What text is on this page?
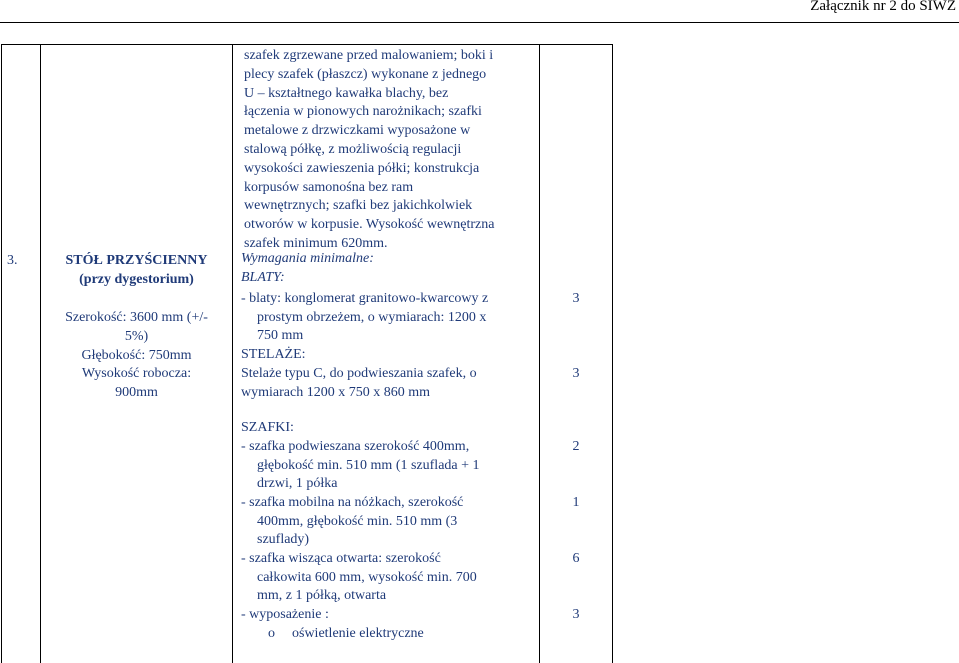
Załącznik nr 2 do SIWZ
3.	STÓŁ PRZYŚCIENNY
(przy dygestorium)
Szerokość: 3600 mm (+/-
5%)
Głębokość: 750mm
Wysokość robocza:
900mm
szafek zgrzewane przed malowaniem; boki i
plecy szafek (płaszcz) wykonane z jednego
U – kształtnego kawałka blachy, bez
łączenia w pionowych narożnikach; szafki
metalowe z drzwiczkami wyposażone w
stalową półkę, z możliwością regulacji
wysokości zawieszenia półki; konstrukcja
korpusów samonośna bez ram
wewnętrznych; szafki bez jakichkolwiek
otworów w korpusie. Wysokość wewnętrzna
szafek minimum 620mm.
Wymagania minimalne:
BLATY:
- blaty: konglomerat granitowo-kwarcowy z
prostym obrzeżem, o wymiarach: 1200 x
750 mm
STELAŻE:
Stelaże typu C, do podwieszania szafek, o
wymiarach 1200 x 750 x 860 mm
SZAFKI:
- szafka podwieszana szerokość 400mm,
głębokość min. 510 mm (1 szuflada + 1
drzwi, 1 półka
- szafka mobilna na nóżkach, szerokość
400mm, głębokość min. 510 mm (3
szuflady)
- szafka wisząca otwarta: szerokość
całkowita 600 mm, wysokość min. 700
mm, z 1 półką, otwarta
- wyposażenie :
o oświetlenie elektryczne
3
3
2
1
6
3
